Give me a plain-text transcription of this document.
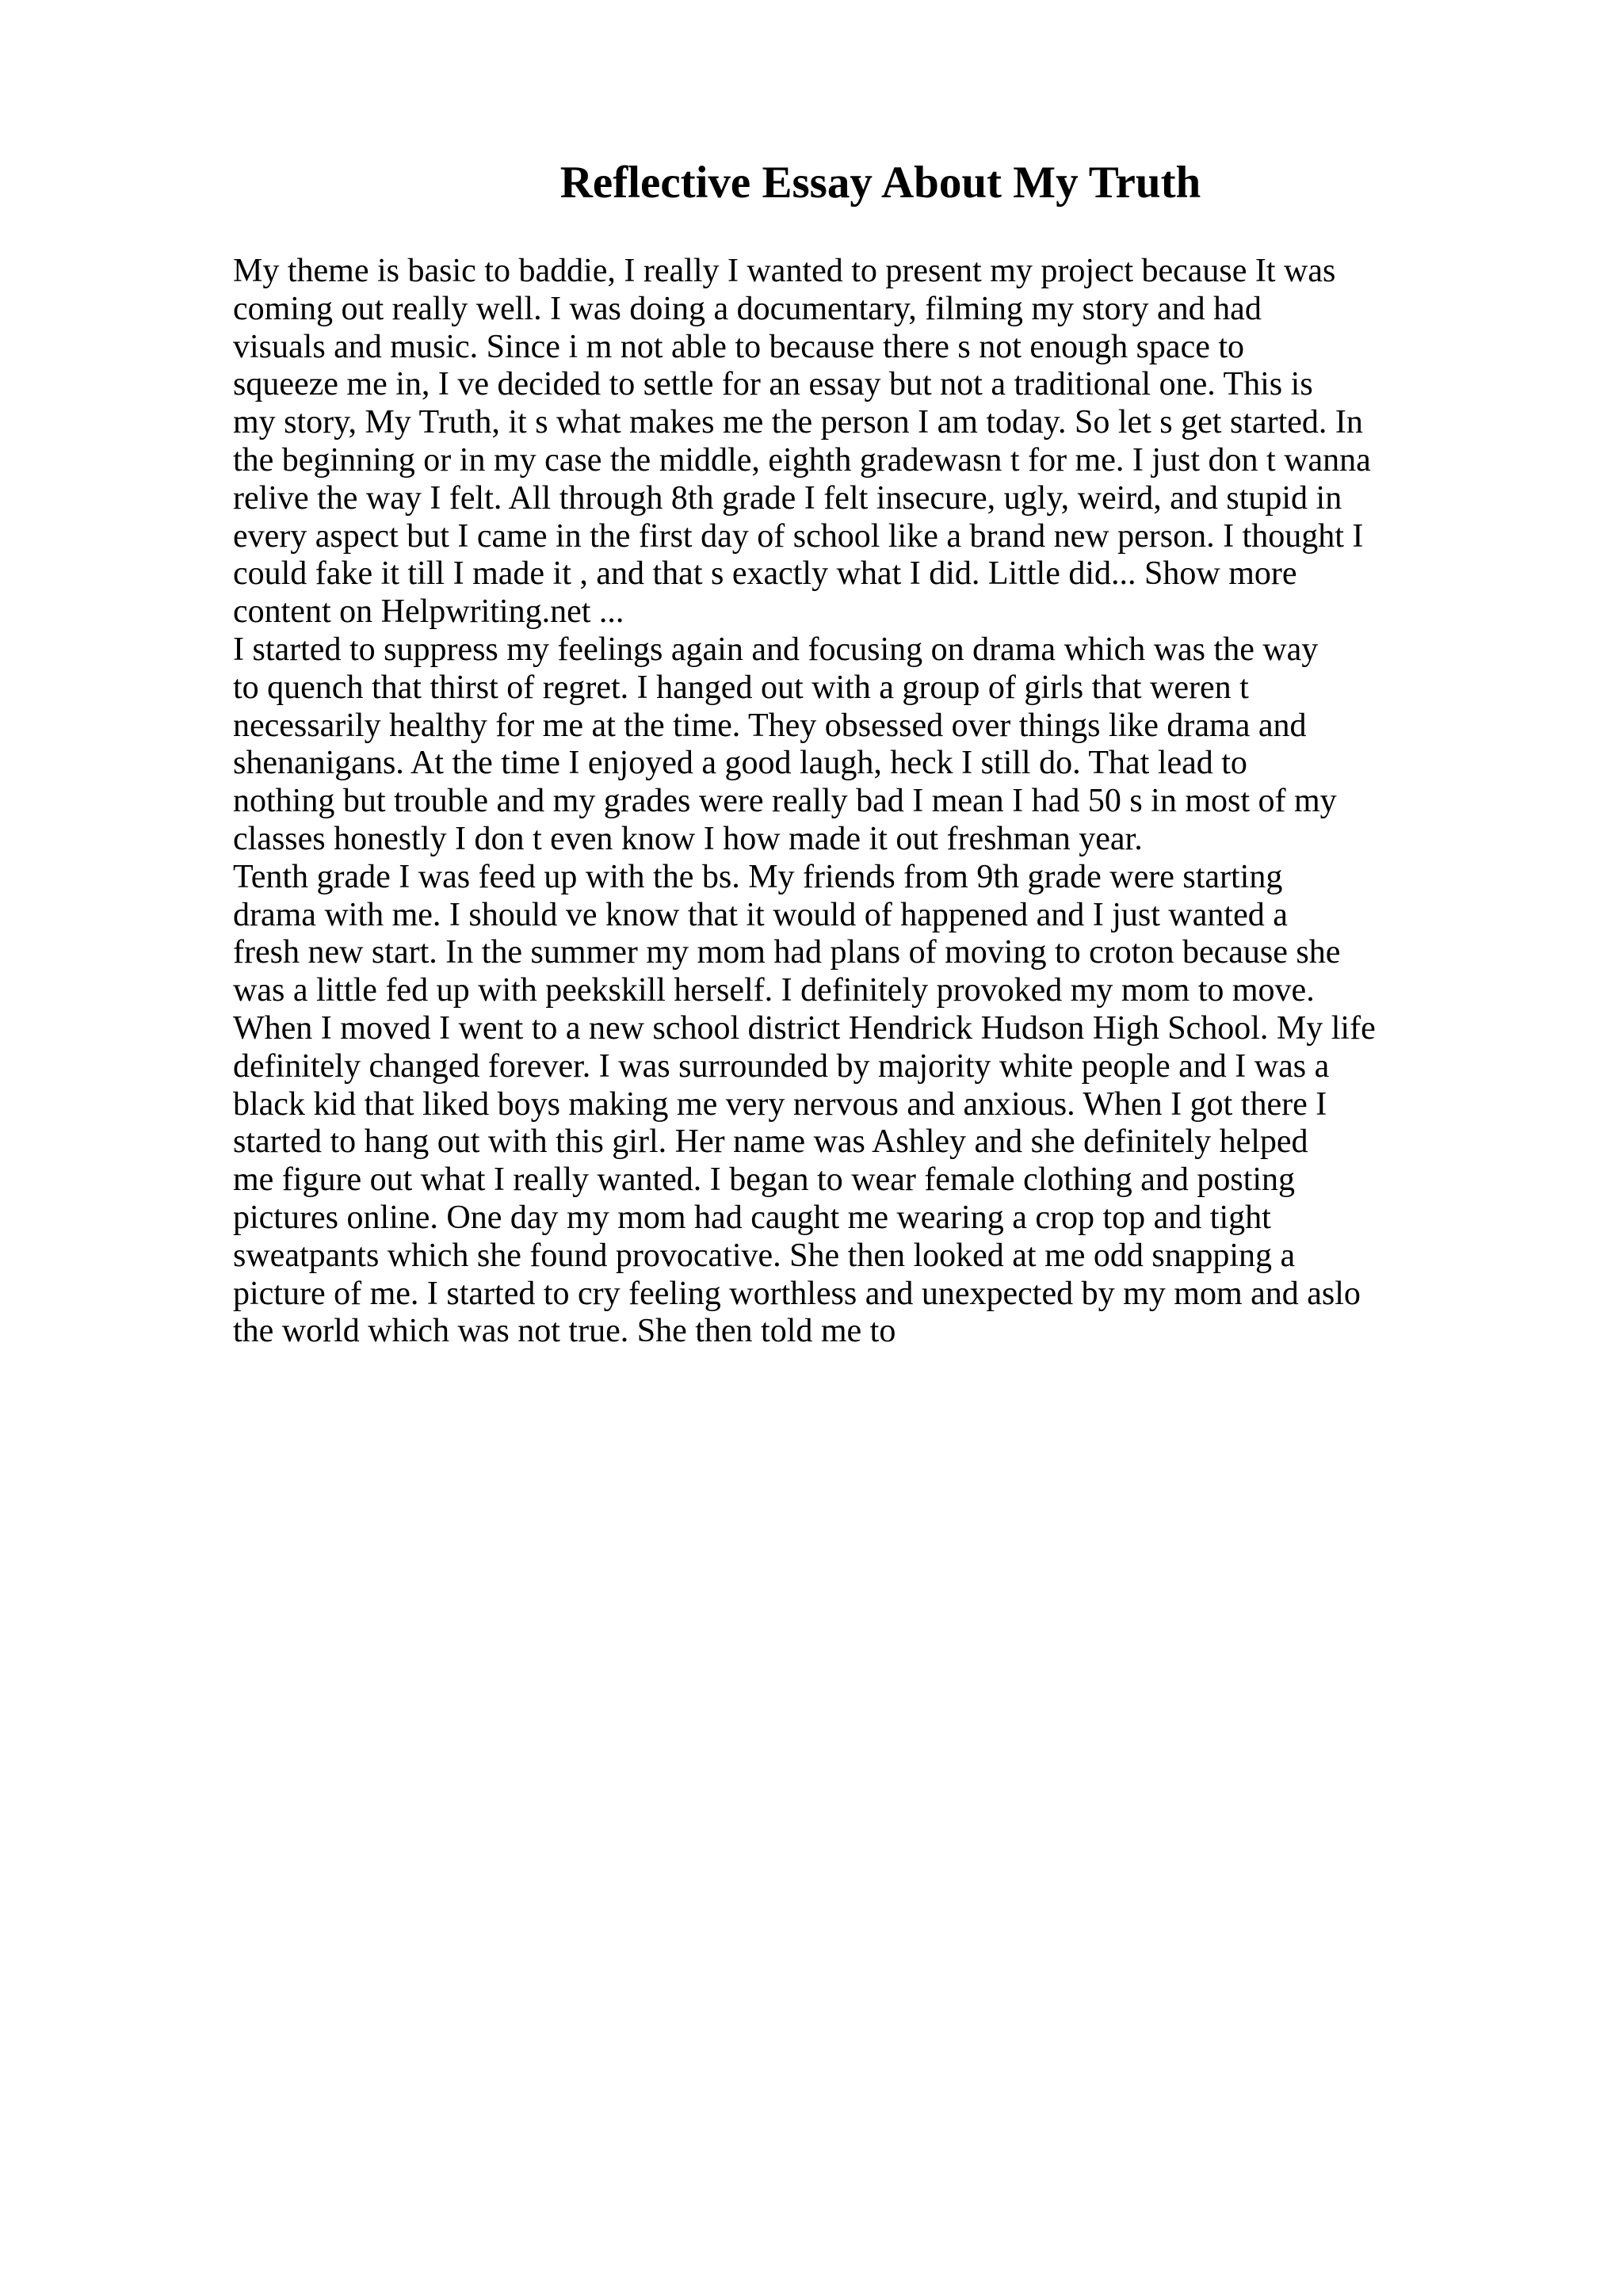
Reflective Essay About My Truth
My theme is basic to baddie, I really I wanted to present my project because It was
coming out really well. I was doing a documentary, filming my story and had
visuals and music. Since i m not able to because there s not enough space to
squeeze me in, I ve decided to settle for an essay but not a traditional one. This is
my story, My Truth, it s what makes me the person I am today. So let s get started. In
the beginning or in my case the middle, eighth gradewasn t for me. I just don t wanna
relive the way I felt. All through 8th grade I felt insecure, ugly, weird, and stupid in
every aspect but I came in the first day of school like a brand new person. I thought I
could fake it till I made it , and that s exactly what I did. Little did... Show more
content on Helpwriting.net ...
I started to suppress my feelings again and focusing on drama which was the way
to quench that thirst of regret. I hanged out with a group of girls that weren t
necessarily healthy for me at the time. They obsessed over things like drama and
shenanigans. At the time I enjoyed a good laugh, heck I still do. That lead to
nothing but trouble and my grades were really bad I mean I had 50 s in most of my
classes honestly I don t even know I how made it out freshman year.
Tenth grade I was feed up with the bs. My friends from 9th grade were starting
drama with me. I should ve know that it would of happened and I just wanted a
fresh new start. In the summer my mom had plans of moving to croton because she
was a little fed up with peekskill herself. I definitely provoked my mom to move.
When I moved I went to a new school district Hendrick Hudson High School. My life
definitely changed forever. I was surrounded by majority white people and I was a
black kid that liked boys making me very nervous and anxious. When I got there I
started to hang out with this girl. Her name was Ashley and she definitely helped
me figure out what I really wanted. I began to wear female clothing and posting
pictures online. One day my mom had caught me wearing a crop top and tight
sweatpants which she found provocative. She then looked at me odd snapping a
picture of me. I started to cry feeling worthless and unexpected by my mom and aslo
the world which was not true. She then told me to
